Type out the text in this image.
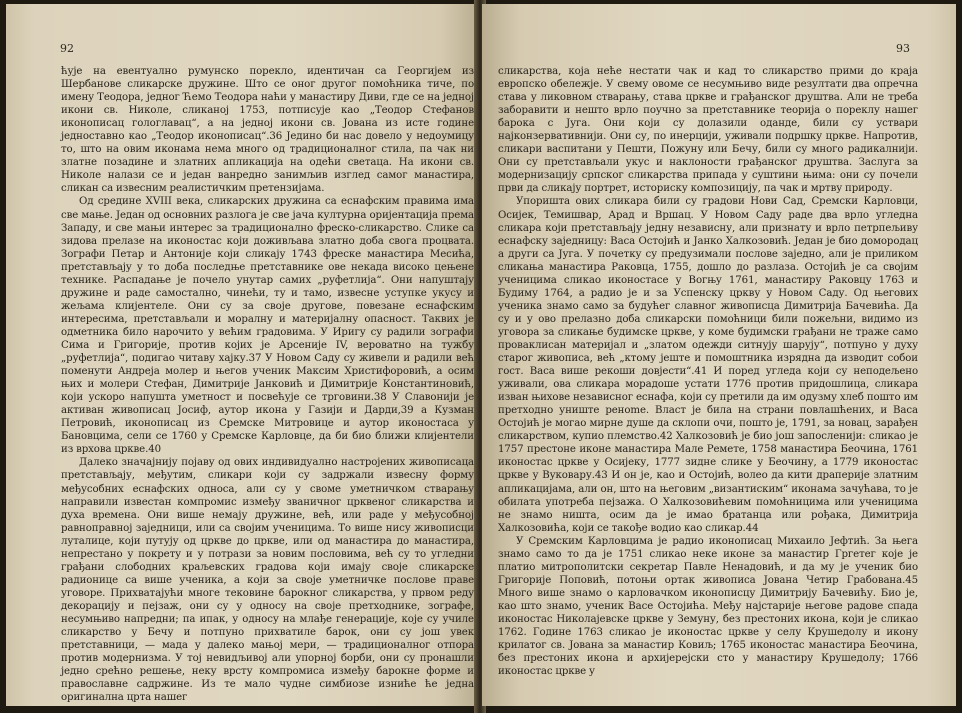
92

ћује на евентуално румунско порекло, идентичан са Георгијем из Шербанове сликарске дружине. Што се оног другог помоћника тиче, по имену Теодора, једног Ћемо Теодора наћи у манастиру Диви, где се на једној икони св. Николе, сликаној 1753, потписује као „Теодор Стефанов иконописац гологлавац“, а на једној икони св. Јована из исте године једноставно као „Теодор иконописац“.36 Једино би нас довело у недоумицу то, што на овим иконама нема много од традиционалног стила, па чак ни златне позадине и златних апликација на одећи светаца. На икони св. Николе налази се и један ванредно занимљив изглед самог манастира, сликан са извесним реалистичким претензијама.

Од средине XVIII века, сликарских дружина са еснафским правима има све мање. Један од основних разлога је све јача културна оријентација према Западу, и све мањи интерес за традиционално фреско-сликарство. Слике са зидова прелазе на иконостас који доживљава златно доба свога процвата. Зографи Петар и Антоније који сликају 1743 фреске манастира Месића, претстављају у то доба последње претставнике ове некада високо цењене технике. Распадање је почело унутар самих „руфетлија“. Они напуштају дружине и раде самостално, чинећи, ту и тамо, извесне уступке укусу и жељама клијентеле. Они су за своје другове, повезане еснафским интересима, претстављали и моралну и материјалну опасност. Таквих је одметника било нарочито у већим градовима. У Иригу су радили зографи Сима и Григорије, против којих је Арсеније IV, вероватно на тужбу „руфетлија“, подигао читаву хајку.37 У Новом Саду су живели и радили већ поменути Андреја молер и његов ученик Максим Христифоровић, а осим њих и молери Стефан, Димитрије Јанковић и Димитрије Константиновић, који ускоро напушта уметност и посвећује се трговини.38 У Славонији је активан живописац Јосиф, аутор икона у Газији и Дарди,39 а Кузман Петровић, иконописац из Сремске Митровице и аутор иконостаса у Бановцима, сели се 1760 у Сремске Карловце, да би био ближи клијентели из врхова црквe.40

Далеко значајнију појаву од ових индивидуално настројених живописаца претстављају, међутим, сликари који су задржали извесну форму међусобних еснафских односа, али су у свомe уметничком стварању направили известан компромис између званичног црквеног сликарства и духа времена. Они више немају дружине, већ, или раде у међусобној равноправној заједници, или са својим ученицима. То више нису живописци луталице, који путују од цркве до цркве, или од манастира до манастира, непрестано у покрету и у потрази за новим пословима, већ су то угледни грађани слободних краљевских градова који имају своје сликарске радионице са више ученика, а који за своје уметничке послове праве уговоре. Прихватајући многе тековине барокног сликарства, у првом реду декорацију и пејзаж, они су у односу на своје претходнике, зографе, несумњиво напредни; па ипак, у односу на млађе генерације, које су училе сликарство у Бечу и потпуно прихватиле барок, они су још увек претставници, — мада у далеко мањој мери, — традиционалног отпора против модернизма. У тој невидљивој али упорној борби, они су пронашли једно срећно решење, неку врсту компромиса између барокне форме и православне садржине. Из те мало чудне симбиозе изниће ће једна оригинална црта нашег

93

сликарства, која неће нестати чак и кад то сликарство прими до краја европско обележје. У свему овоме се несумњиво виде резултати два опречна става у ликовном стварању, става цркве и грађанског друштва. Али не треба заборавити и нешто врло поучно за претставнике теорија о пореклу нашег барока с Југа. Они који су долазили оданде, били су уствари најконзервативнији. Они су, по инерцији, уживали подршку цркве. Напротив, сликари васпитани у Пешти, Пожуну или Бечу, били су много радикалнији. Они су претстављали укус и наклоности грађанског друштва. Заслуга за модернизацију српског сликарства припада у суштини њима: они су почели први да сликају портрет, историску композицију, па чак и мртву природу.

Упоришта ових сликара били су градови Нови Сад, Сремски Карловци, Осијек, Темишвар, Арад и Вршац. У Новом Саду раде два врло угледна сликара који претстављају једну независну, али признату и врло петрпељиву еснафску заједницу: Васа Остојић и Јанко Халкозовић. Један је био домородац а други са Југа. У почетку су предузимали послове заједно, али је приликом сликања манастира Раковца, 1755, дошло до разлаза. Остојић је са својим ученицима сликао иконостасе у Вогњу 1761, манастиру Раковцу 1763 и Будиму 1764, а радио је и за Успенску цркву у Новом Саду. Од његових ученика знамо само за будућег славног живописца Димитрија Бачевића. Да су и у ово прелазно доба сликарски помоћници били пожељни, видимо из уговора за сликање будимске цркве, у коме будимски грађани не траже само проваклисан материјал и „златом одежди ситнују шарују“, потпуно у духу старог живописа, већ „ктому јеште и помоштника изрядна да изводит собои гост. Васа више рекоши довјести“.41 И поред угледа који су неподељено уживали, ова сликара морадоше устати 1776 против придошлица, сликара изван њихове независног еснафа, који су претили да им одузму хлеб пошто им претходно униште ренome. Власт је била на страни повлашћених, и Васа Остојић је могао мирне душе да склопи очи, пошто је, 1791, за новац, зарађен сликарством, купио племство.42 Халкозовић је био још запосленији: сликао је 1757 престоне иконе манастира Мале Ремете, 1758 манастира Беочина, 1761 иконостас цркве у Осијеку, 1777 зидне слике у Беочину, а 1779 иконостас цркве у Вуковару.43 И он је, као и Остојић, волео да кити драперије златним апликацијама, али он, што на његовим „византиским“ иконама зачућава, то је обилата употреба пејзажа. О Халкозовићевим помоћницима или ученицима не знамо ништа, осим да је имао братанца или рођака, Димитрија Халкозовића, који се такође водио као сликар.44

У Сремским Карловцима је радио иконописац Михаило Јефтић. За њега знамо само то да је 1751 сликао неке иконе за манастир Гргетег које је платио митрополитски секретар Павле Ненадовић, и да му је ученик био Григорије Поповић, потоњи ортак живописа Јована Четир Грабована.45 Много више знамо о карловачком иконописцу Димитрију Бачевићу. Био је, као што знамо, ученик Васе Остојића. Међу најстарије његове радове спада иконостас Николајевске цркве у Земуну, без престоних икона, који је сликао 1762. Године 1763 сликао је иконостас цркве у селу Крушедолу и икону крилатог св. Јована за манастир Ковиљ; 1765 иконостас манастира Беочина, без престоних икона и архијерејски сто у манастиру Крушедолу; 1766 иконостас цркве у
